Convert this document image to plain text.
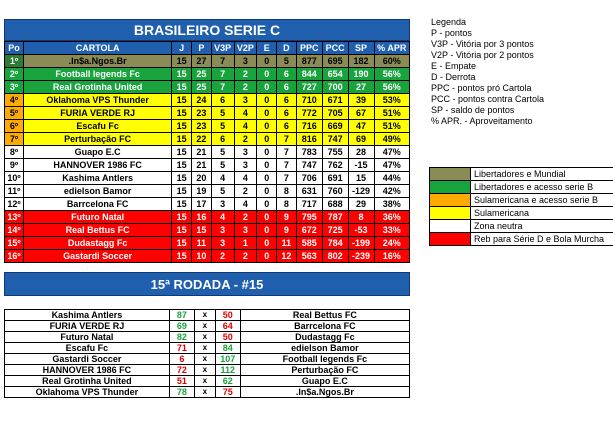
BRASILEIRO SERIE C
Po	CARTOLA	J	P	V3P	V2P	E	D	PPC	PCC	SP	% APR
1º	.In$a.Ngos.Br	15	27	7	3	0	5	877	695	182	60%
2º	Football legends Fc	15	25	7	2	0	6	844	654	190	56%
3º	Real Grotinha United	15	25	7	2	0	6	727	700	27	56%
4º	Oklahoma VPS Thunder	15	24	6	3	0	6	710	671	39	53%
5º	FURIA VERDE RJ	15	23	5	4	0	6	772	705	67	51%
6º	Escafu Fc	15	23	5	4	0	6	716	669	47	51%
7º	Perturbação FC	15	22	6	2	0	7	816	747	69	49%
8º	Guapo E.C	15	21	5	3	0	7	783	755	28	47%
9º	HANNOVER 1986 FC	15	21	5	3	0	7	747	762	-15	47%
10º	Kashima Antlers	15	20	4	4	0	7	706	691	15	44%
11º	edielson Bamor	15	19	5	2	0	8	631	760	-129	42%
12º	Barrcelona FC	15	17	3	4	0	8	717	688	29	38%
13º	Futuro Natal	15	16	4	2	0	9	795	787	8	36%
14º	Real Bettus FC	15	15	3	3	0	9	672	725	-53	33%
15º	Dudastagg Fc	15	11	3	1	0	11	585	784	-199	24%
16º	Gastardi Soccer	15	10	2	2	0	12	563	802	-239	16%
Legenda
P - pontos
V3P - Vitória por 3 pontos
V2P - Vitória por 2 pontos
E - Empate
D - Derrota
PPC - pontos pró Cartola
PCC - pontos contra Cartola
SP - saldo de pontos
% APR. - Aproveitamento
Libertadores e Mundial
Libertadores e acesso serie B
Sulamericana e acesso serie B
Sulamericana
Zona neutra
Reb para Série D e Bola Murcha
15ª RODADA - #15
Kashima Antlers	87	x	50	Real Bettus FC
FURIA VERDE RJ	69	x	64	Barrcelona FC
Futuro Natal	82	x	50	Dudastagg Fc
Escafu Fc	71	x	84	edielson Bamor
Gastardi Soccer	6	x	107	Football legends Fc
HANNOVER 1986 FC	72	x	112	Perturbação FC
Real Grotinha United	51	x	62	Guapo E.C
Oklahoma VPS Thunder	78	x	75	.In$a.Ngos.Br
